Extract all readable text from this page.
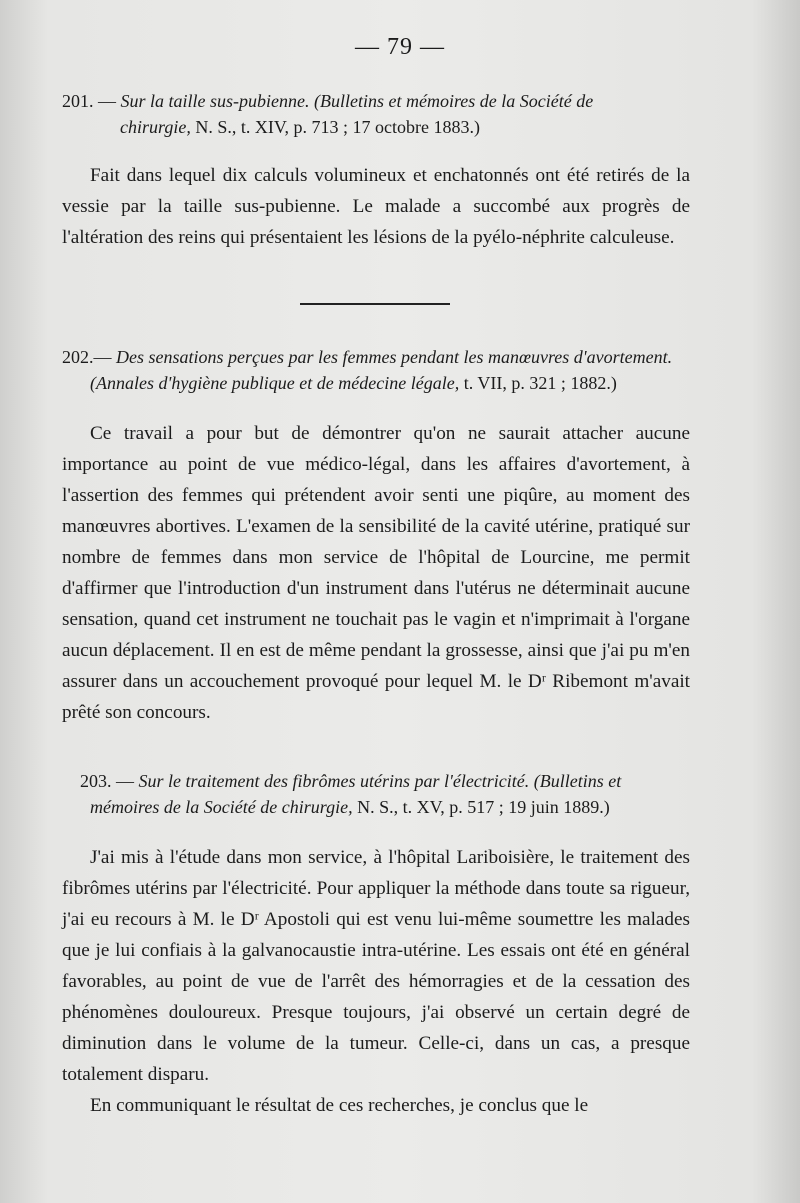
— 79 —
201. — Sur la taille sus-pubienne. (Bulletins et mémoires de la Société de
chirurgie, N. S., t. XIV, p. 713 ; 17 octobre 1883.)

Fait dans lequel dix calculs volumineux et enchatonnés ont été retirés de la vessie par la taille sus-pubienne. Le malade a succombé aux progrès de l'altération des reins qui présentaient les lésions de la pyélo-néphrite calculeuse.

202.— Des sensations perçues par les femmes pendant les manœuvres d'avortement.
(Annales d'hygiène publique et de médecine légale, t. VII, p. 321 ; 1882.)

Ce travail a pour but de démontrer qu'on ne saurait attacher aucune importance au point de vue médico-légal, dans les affaires d'avortement, à l'assertion des femmes qui prétendent avoir senti une piqûre, au moment des manœuvres abortives. L'examen de la sensibilité de la cavité utérine, pratiqué sur nombre de femmes dans mon service de l'hôpital de Lourcine, me permit d'affirmer que l'introduction d'un instrument dans l'utérus ne déterminait aucune sensation, quand cet instrument ne touchait pas le vagin et n'imprimait à l'organe aucun déplacement. Il en est de même pendant la grossesse, ainsi que j'ai pu m'en assurer dans un accouchement provoqué pour lequel M. le Dʳ Ribemont m'avait prêté son concours.

203. — Sur le traitement des fibrômes utérins par l'électricité. (Bulletins et
mémoires de la Société de chirurgie, N. S., t. XV, p. 517 ; 19 juin 1889.)

J'ai mis à l'étude dans mon service, à l'hôpital Lariboisière, le traitement des fibrômes utérins par l'électricité. Pour appliquer la méthode dans toute sa rigueur, j'ai eu recours à M. le Dʳ Apostoli qui est venu lui-même soumettre les malades que je lui confiais à la galvanocaustie intra-utérine. Les essais ont été en général favorables, au point de vue de l'arrêt des hémorragies et de la cessation des phénomènes douloureux. Presque toujours, j'ai observé un certain degré de diminution dans le volume de la tumeur. Celle-ci, dans un cas, a presque totalement disparu.

En communiquant le résultat de ces recherches, je conclus que le
